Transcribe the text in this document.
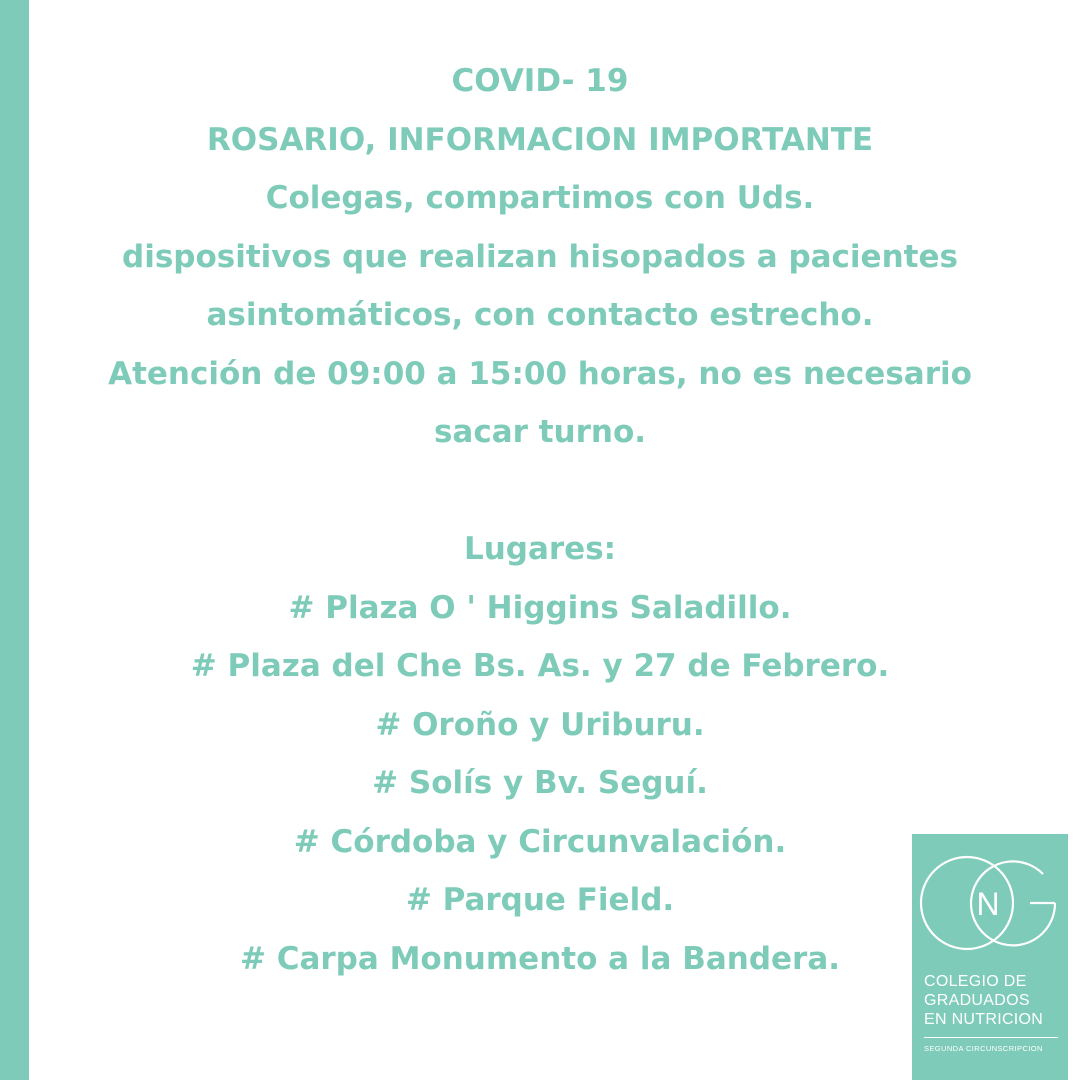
COVID- 19
ROSARIO, INFORMACION IMPORTANTE
Colegas, compartimos con Uds.
dispositivos que realizan hisopados a pacientes
asintomáticos, con contacto estrecho.
Atención de 09:00 a 15:00 horas, no es necesario
sacar turno.
Lugares:
# Plaza O ' Higgins Saladillo.
# Plaza del Che Bs. As. y 27 de Febrero.
# Oroño y Uriburu.
# Solís y Bv. Seguí.
# Córdoba y Circunvalación.
# Parque Field.
# Carpa Monumento a la Bandera.
N
COLEGIO DE
GRADUADOS
EN NUTRICION
SEGUNDA CIRCUNSCRIPCION
